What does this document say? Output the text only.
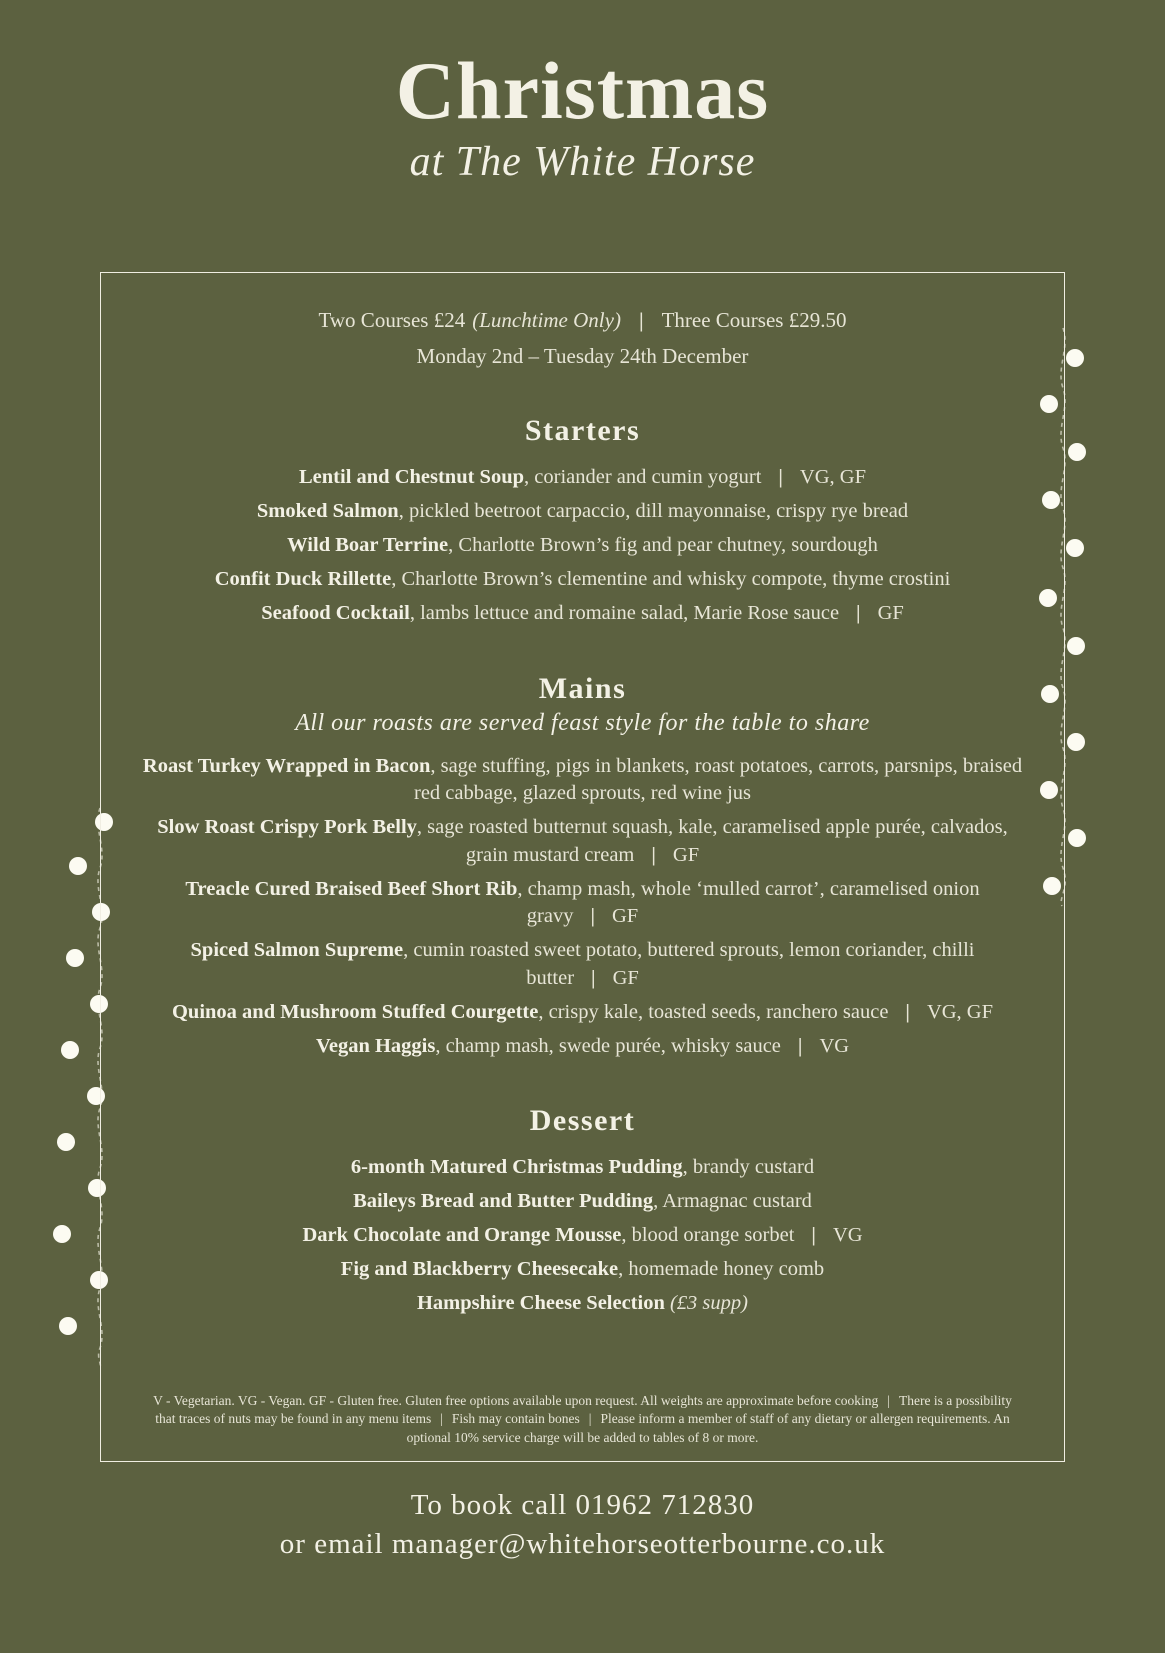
Christmas
at The White Horse

Two Courses £24 (Lunchtime Only) | Three Courses £29.50

Monday 2nd – Tuesday 24th December

Starters

Lentil and Chestnut Soup, coriander and cumin yogurt | VG, GF

Smoked Salmon, pickled beetroot carpaccio, dill mayonnaise, crispy rye bread

Wild Boar Terrine, Charlotte Brown’s fig and pear chutney, sourdough

Confit Duck Rillette, Charlotte Brown’s clementine and whisky compote, thyme crostini

Seafood Cocktail, lambs lettuce and romaine salad, Marie Rose sauce | GF

Mains
All our roasts are served feast style for the table to share

Roast Turkey Wrapped in Bacon, sage stuffing, pigs in blankets, roast potatoes, carrots, parsnips, braised red cabbage, glazed sprouts, red wine jus

Slow Roast Crispy Pork Belly, sage roasted butternut squash, kale, caramelised apple purée, calvados, grain mustard cream | GF

Treacle Cured Braised Beef Short Rib, champ mash, whole ‘mulled carrot’, caramelised onion gravy | GF

Spiced Salmon Supreme, cumin roasted sweet potato, buttered sprouts, lemon coriander, chilli butter | GF

Quinoa and Mushroom Stuffed Courgette, crispy kale, toasted seeds, ranchero sauce | VG, GF

Vegan Haggis, champ mash, swede purée, whisky sauce | VG

Dessert

6-month Matured Christmas Pudding, brandy custard

Baileys Bread and Butter Pudding, Armagnac custard

Dark Chocolate and Orange Mousse, blood orange sorbet | VG

Fig and Blackberry Cheesecake, homemade honey comb

Hampshire Cheese Selection (£3 supp)

V - Vegetarian. VG - Vegan. GF - Gluten free. Gluten free options available upon request. All weights are approximate before cooking | There is a possibility that traces of nuts may be found in any menu items | Fish may contain bones | Please inform a member of staff of any dietary or allergen requirements. An optional 10% service charge will be added to tables of 8 or more.

To book call 01962 712830
or email manager@whitehorseotterbourne.co.uk
